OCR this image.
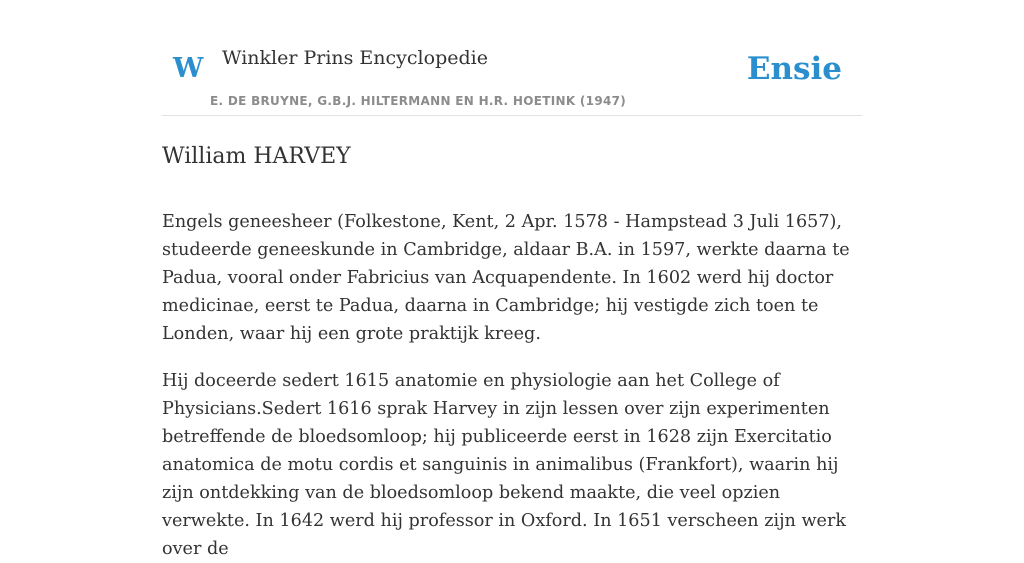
W Winkler Prins Encyclopedie
E. DE BRUYNE, G.B.J. HILTERMANN EN H.R. HOETINK (1947)
Ensie
William HARVEY

Engels geneesheer (Folkestone, Kent, 2 Apr. 1578 - Hampstead 3 Juli 1657), studeerde geneeskunde in Cambridge, aldaar B.A. in 1597, werkte daarna te Padua, vooral onder Fabricius van Acquapendente. In 1602 werd hij doctor medicinae, eerst te Padua, daarna in Cambridge; hij vestigde zich toen te Londen, waar hij een grote praktijk kreeg.

Hij doceerde sedert 1615 anatomie en physiologie aan het College of Physicians.Sedert 1616 sprak Harvey in zijn lessen over zijn experimenten betreffende de bloedsomloop; hij publiceerde eerst in 1628 zijn Exercitatio anatomica de motu cordis et sanguinis in animalibus (Frankfort), waarin hij zijn ontdekking van de bloedsomloop bekend maakte, die veel opzien verwekte. In 1642 werd hij professor in Oxford. In 1651 verscheen zijn werk over de
